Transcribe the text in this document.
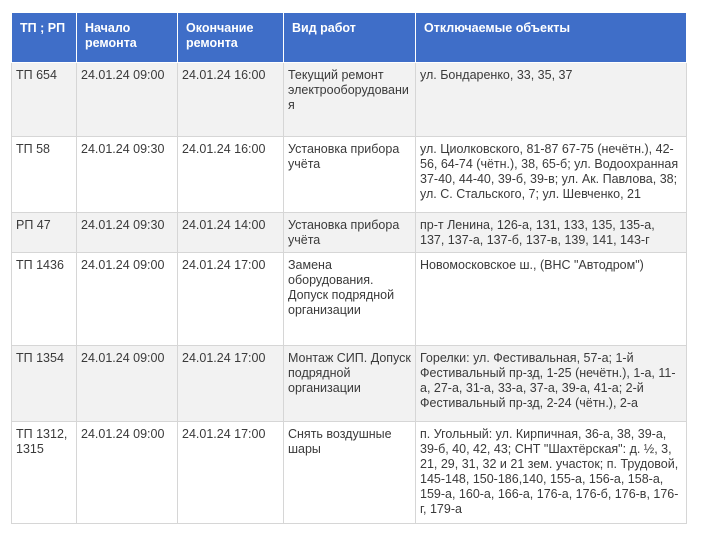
ТП ; РП	Начало ремонта	Окончание ремонта	Вид работ	Отключаемые объекты
ТП 654	24.01.24 09:00	24.01.24 16:00	Текущий ремонт электрооборудования	ул. Бондаренко, 33, 35, 37
ТП 58	24.01.24 09:30	24.01.24 16:00	Установка прибора учёта	ул. Циолковского, 81-87 67-75 (нечётн.), 42-56, 64-74 (чётн.), 38, 65-б; ул. Водоохранная 37-40, 44-40, 39-б, 39-в; ул. Ак. Павлова, 38; ул. С. Стальского, 7; ул. Шевченко, 21
РП 47	24.01.24 09:30	24.01.24 14:00	Установка прибора учёта	пр-т Ленина, 126-а, 131, 133, 135, 135-а, 137, 137-а, 137-б, 137-в, 139, 141, 143-г
ТП 1436	24.01.24 09:00	24.01.24 17:00	Замена оборудования. Допуск подрядной организации	Новомосковское ш., (ВНС "Автодром")
ТП 1354	24.01.24 09:00	24.01.24 17:00	Монтаж СИП. Допуск подрядной организации	Горелки: ул. Фестивальная, 57-а; 1-й Фестивальный пр-зд, 1-25 (нечётн.), 1-а, 11-а, 27-а, 31-а, 33-а, 37-а, 39-а, 41-а; 2-й Фестивальный пр-зд, 2-24 (чётн.), 2-а
ТП 1312, 1315	24.01.24 09:00	24.01.24 17:00	Снять воздушные шары	п. Угольный: ул. Кирпичная, 36-а, 38, 39-а, 39-б, 40, 42, 43; СНТ "Шахтёрская": д. ½, 3, 21, 29, 31, 32 и 21 зем. участок; п. Трудовой, 145-148, 150-186,140, 155-а, 156-а, 158-а, 159-а, 160-а, 166-а, 176-а, 176-б, 176-в, 176-г, 179-а
